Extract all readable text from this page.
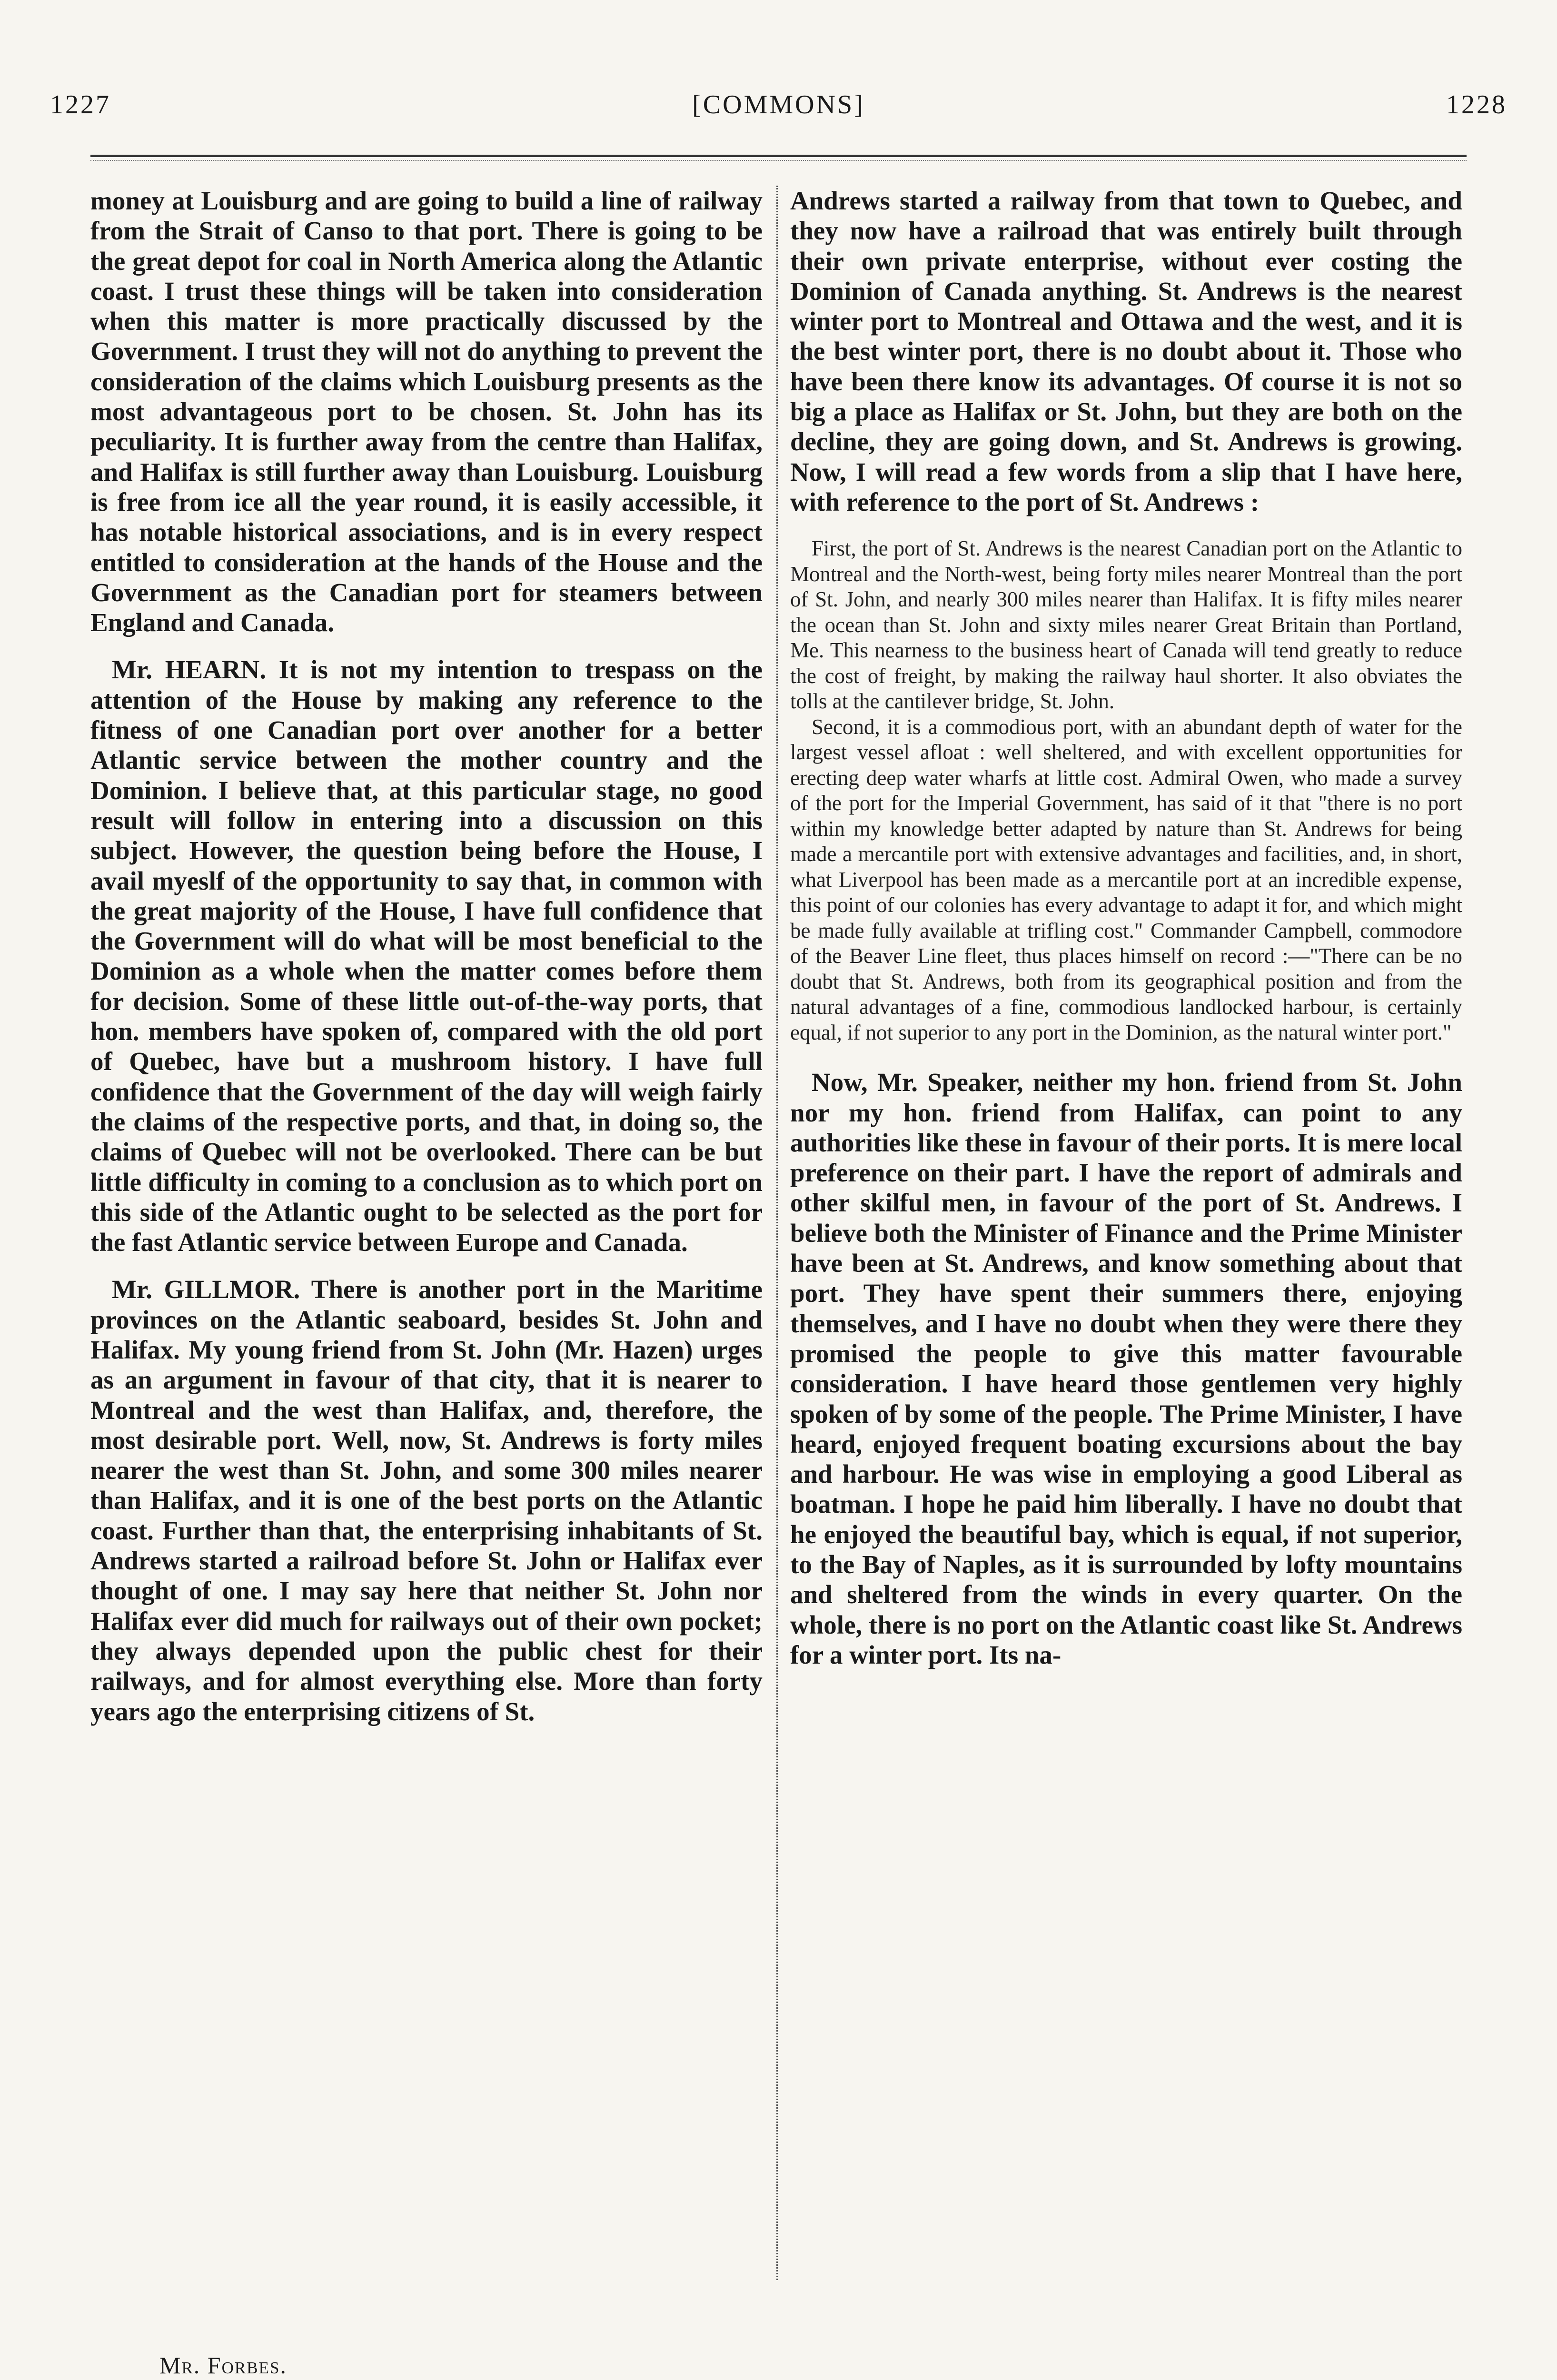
1227	[COMMONS]	1228

money at Louisburg and are going to build a line of railway from the Strait of Canso to that port. There is going to be the great depot for coal in North America along the Atlantic coast. I trust these things will be taken into consideration when this matter is more practically discussed by the Government. I trust they will not do anything to prevent the consideration of the claims which Louisburg presents as the most advantageous port to be chosen. St. John has its peculiarity. It is further away from the centre than Halifax, and Halifax is still further away than Louisburg. Louisburg is free from ice all the year round, it is easily accessible, it has notable historical associations, and is in every respect entitled to consideration at the hands of the House and the Government as the Canadian port for steamers between England and Canada.

Mr. HEARN. It is not my intention to trespass on the attention of the House by making any reference to the fitness of one Canadian port over another for a better Atlantic service between the mother country and the Dominion. I believe that, at this particular stage, no good result will follow in entering into a discussion on this subject. However, the question being before the House, I avail myeslf of the opportunity to say that, in common with the great majority of the House, I have full confidence that the Government will do what will be most beneficial to the Dominion as a whole when the matter comes before them for decision. Some of these little out-of-the-way ports, that hon. members have spoken of, compared with the old port of Quebec, have but a mushroom history. I have full confidence that the Government of the day will weigh fairly the claims of the respective ports, and that, in doing so, the claims of Quebec will not be overlooked. There can be but little difficulty in coming to a conclusion as to which port on this side of the Atlantic ought to be selected as the port for the fast Atlantic service between Europe and Canada.

Mr. GILLMOR. There is another port in the Maritime provinces on the Atlantic seaboard, besides St. John and Halifax. My young friend from St. John (Mr. Hazen) urges as an argument in favour of that city, that it is nearer to Montreal and the west than Halifax, and, therefore, the most desirable port. Well, now, St. Andrews is forty miles nearer the west than St. John, and some 300 miles nearer than Halifax, and it is one of the best ports on the Atlantic coast. Further than that, the enterprising inhabitants of St. Andrews started a railroad before St. John or Halifax ever thought of one. I may say here that neither St. John nor Halifax ever did much for railways out of their own pocket; they always depended upon the public chest for their railways, and for almost everything else. More than forty years ago the enterprising citizens of St.

Andrews started a railway from that town to Quebec, and they now have a railroad that was entirely built through their own private enterprise, without ever costing the Dominion of Canada anything. St. Andrews is the nearest winter port to Montreal and Ottawa and the west, and it is the best winter port, there is no doubt about it. Those who have been there know its advantages. Of course it is not so big a place as Halifax or St. John, but they are both on the decline, they are going down, and St. Andrews is growing. Now, I will read a few words from a slip that I have here, with reference to the port of St. Andrews :

First, the port of St. Andrews is the nearest Canadian port on the Atlantic to Montreal and the North-west, being forty miles nearer Montreal than the port of St. John, and nearly 300 miles nearer than Halifax. It is fifty miles nearer the ocean than St. John and sixty miles nearer Great Britain than Portland, Me. This nearness to the business heart of Canada will tend greatly to reduce the cost of freight, by making the railway haul shorter. It also obviates the tolls at the cantilever bridge, St. John.

Second, it is a commodious port, with an abundant depth of water for the largest vessel afloat : well sheltered, and with excellent opportunities for erecting deep water wharfs at little cost. Admiral Owen, who made a survey of the port for the Imperial Government, has said of it that "there is no port within my knowledge better adapted by nature than St. Andrews for being made a mercantile port with extensive advantages and facilities, and, in short, what Liverpool has been made as a mercantile port at an incredible expense, this point of our colonies has every advantage to adapt it for, and which might be made fully available at trifling cost." Commander Campbell, commodore of the Beaver Line fleet, thus places himself on record :—"There can be no doubt that St. Andrews, both from its geographical position and from the natural advantages of a fine, commodious landlocked harbour, is certainly equal, if not superior to any port in the Dominion, as the natural winter port."

Now, Mr. Speaker, neither my hon. friend from St. John nor my hon. friend from Halifax, can point to any authorities like these in favour of their ports. It is mere local preference on their part. I have the report of admirals and other skilful men, in favour of the port of St. Andrews. I believe both the Minister of Finance and the Prime Minister have been at St. Andrews, and know something about that port. They have spent their summers there, enjoying themselves, and I have no doubt when they were there they promised the people to give this matter favourable consideration. I have heard those gentlemen very highly spoken of by some of the people. The Prime Minister, I have heard, enjoyed frequent boating excursions about the bay and harbour. He was wise in employing a good Liberal as boatman. I hope he paid him liberally. I have no doubt that he enjoyed the beautiful bay, which is equal, if not superior, to the Bay of Naples, as it is surrounded by lofty mountains and sheltered from the winds in every quarter. On the whole, there is no port on the Atlantic coast like St. Andrews for a winter port. Its na-

Mr. Forbes.
